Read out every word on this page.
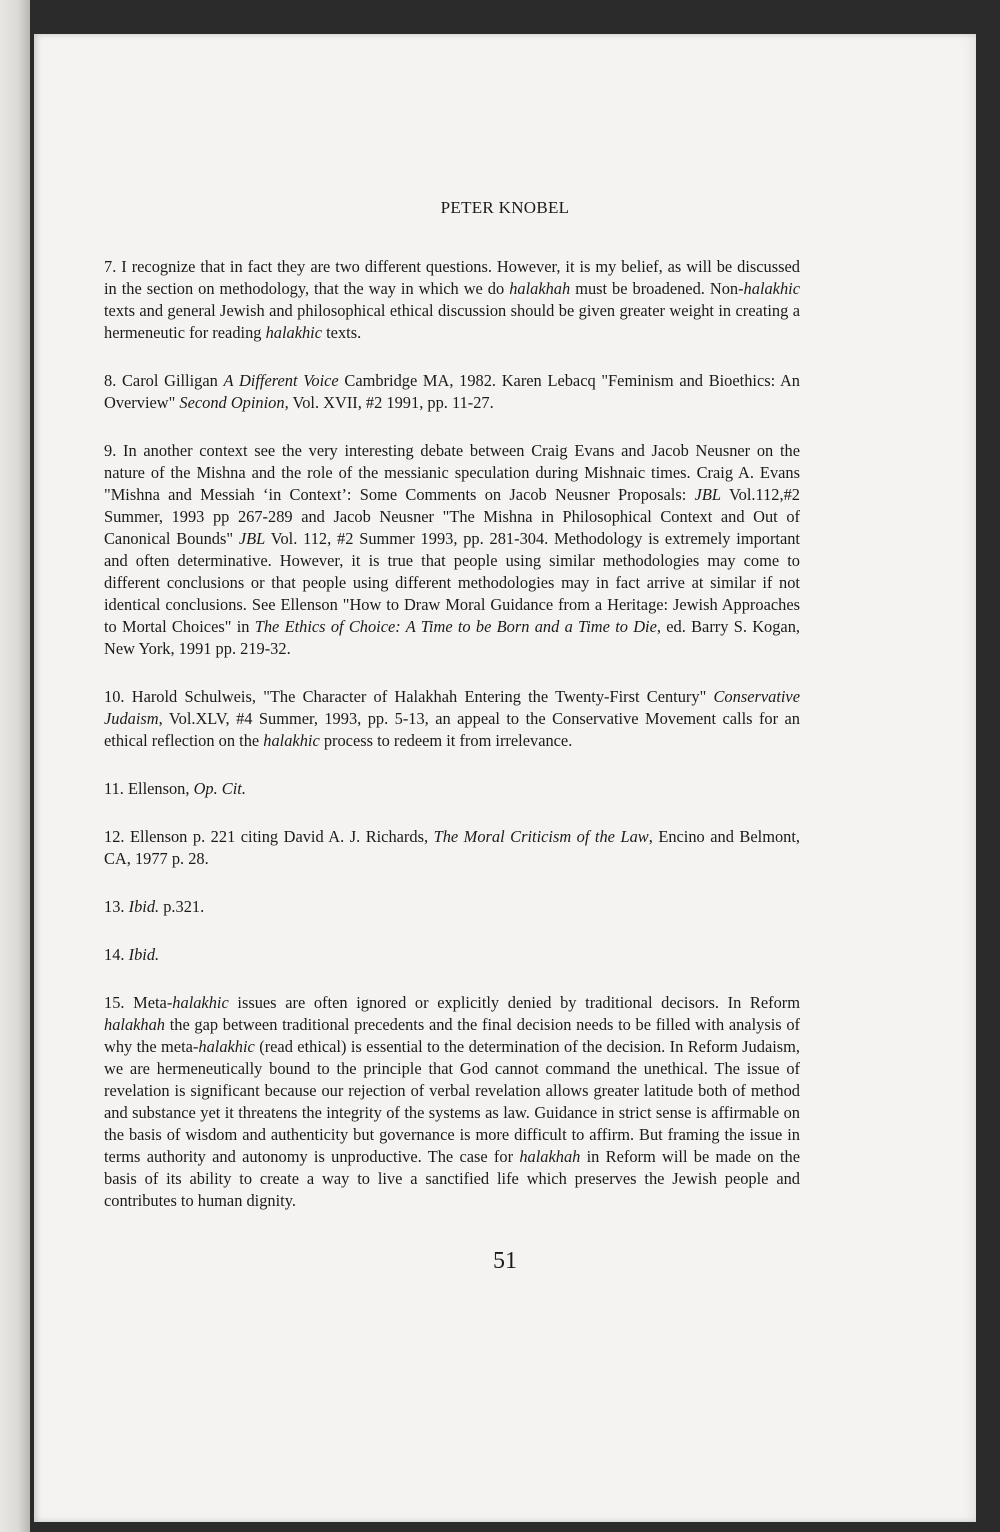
PETER KNOBEL

7. I recognize that in fact they are two different questions. However, it is my belief, as will be discussed in the section on methodology, that the way in which we do halakhah must be broadened. Non-halakhic texts and general Jewish and philosophical ethical discussion should be given greater weight in creating a hermeneutic for reading halakhic texts.

8. Carol Gilligan A Different Voice Cambridge MA, 1982. Karen Lebacq "Feminism and Bioethics: An Overview" Second Opinion, Vol. XVII, #2 1991, pp. 11-27.

9. In another context see the very interesting debate between Craig Evans and Jacob Neusner on the nature of the Mishna and the role of the messianic speculation during Mishnaic times. Craig A. Evans "Mishna and Messiah ‘in Context’: Some Comments on Jacob Neusner Proposals: JBL Vol.112,#2 Summer, 1993 pp 267-289 and Jacob Neusner "The Mishna in Philosophical Context and Out of Canonical Bounds" JBL Vol. 112, #2 Summer 1993, pp. 281-304. Methodology is extremely important and often determinative. However, it is true that people using similar methodologies may come to different conclusions or that people using different methodologies may in fact arrive at similar if not identical conclusions. See Ellenson "How to Draw Moral Guidance from a Heritage: Jewish Approaches to Mortal Choices" in The Ethics of Choice: A Time to be Born and a Time to Die, ed. Barry S. Kogan, New York, 1991 pp. 219-32.

10. Harold Schulweis, "The Character of Halakhah Entering the Twenty-First Century" Conservative Judaism, Vol.XLV, #4 Summer, 1993, pp. 5-13, an appeal to the Conservative Movement calls for an ethical reflection on the halakhic process to redeem it from irrelevance.

11. Ellenson, Op. Cit.

12. Ellenson p. 221 citing David A. J. Richards, The Moral Criticism of the Law, Encino and Belmont, CA, 1977 p. 28.

13. Ibid. p.321.

14. Ibid.

15. Meta-halakhic issues are often ignored or explicitly denied by traditional decisors. In Reform halakhah the gap between traditional precedents and the final decision needs to be filled with analysis of why the meta-halakhic (read ethical) is essential to the determination of the decision. In Reform Judaism, we are hermeneutically bound to the principle that God cannot command the unethical. The issue of revelation is significant because our rejection of verbal revelation allows greater latitude both of method and substance yet it threatens the integrity of the systems as law. Guidance in strict sense is affirmable on the basis of wisdom and authenticity but governance is more difficult to affirm. But framing the issue in terms authority and autonomy is unproductive. The case for halakhah in Reform will be made on the basis of its ability to create a way to live a sanctified life which preserves the Jewish people and contributes to human dignity.

51
